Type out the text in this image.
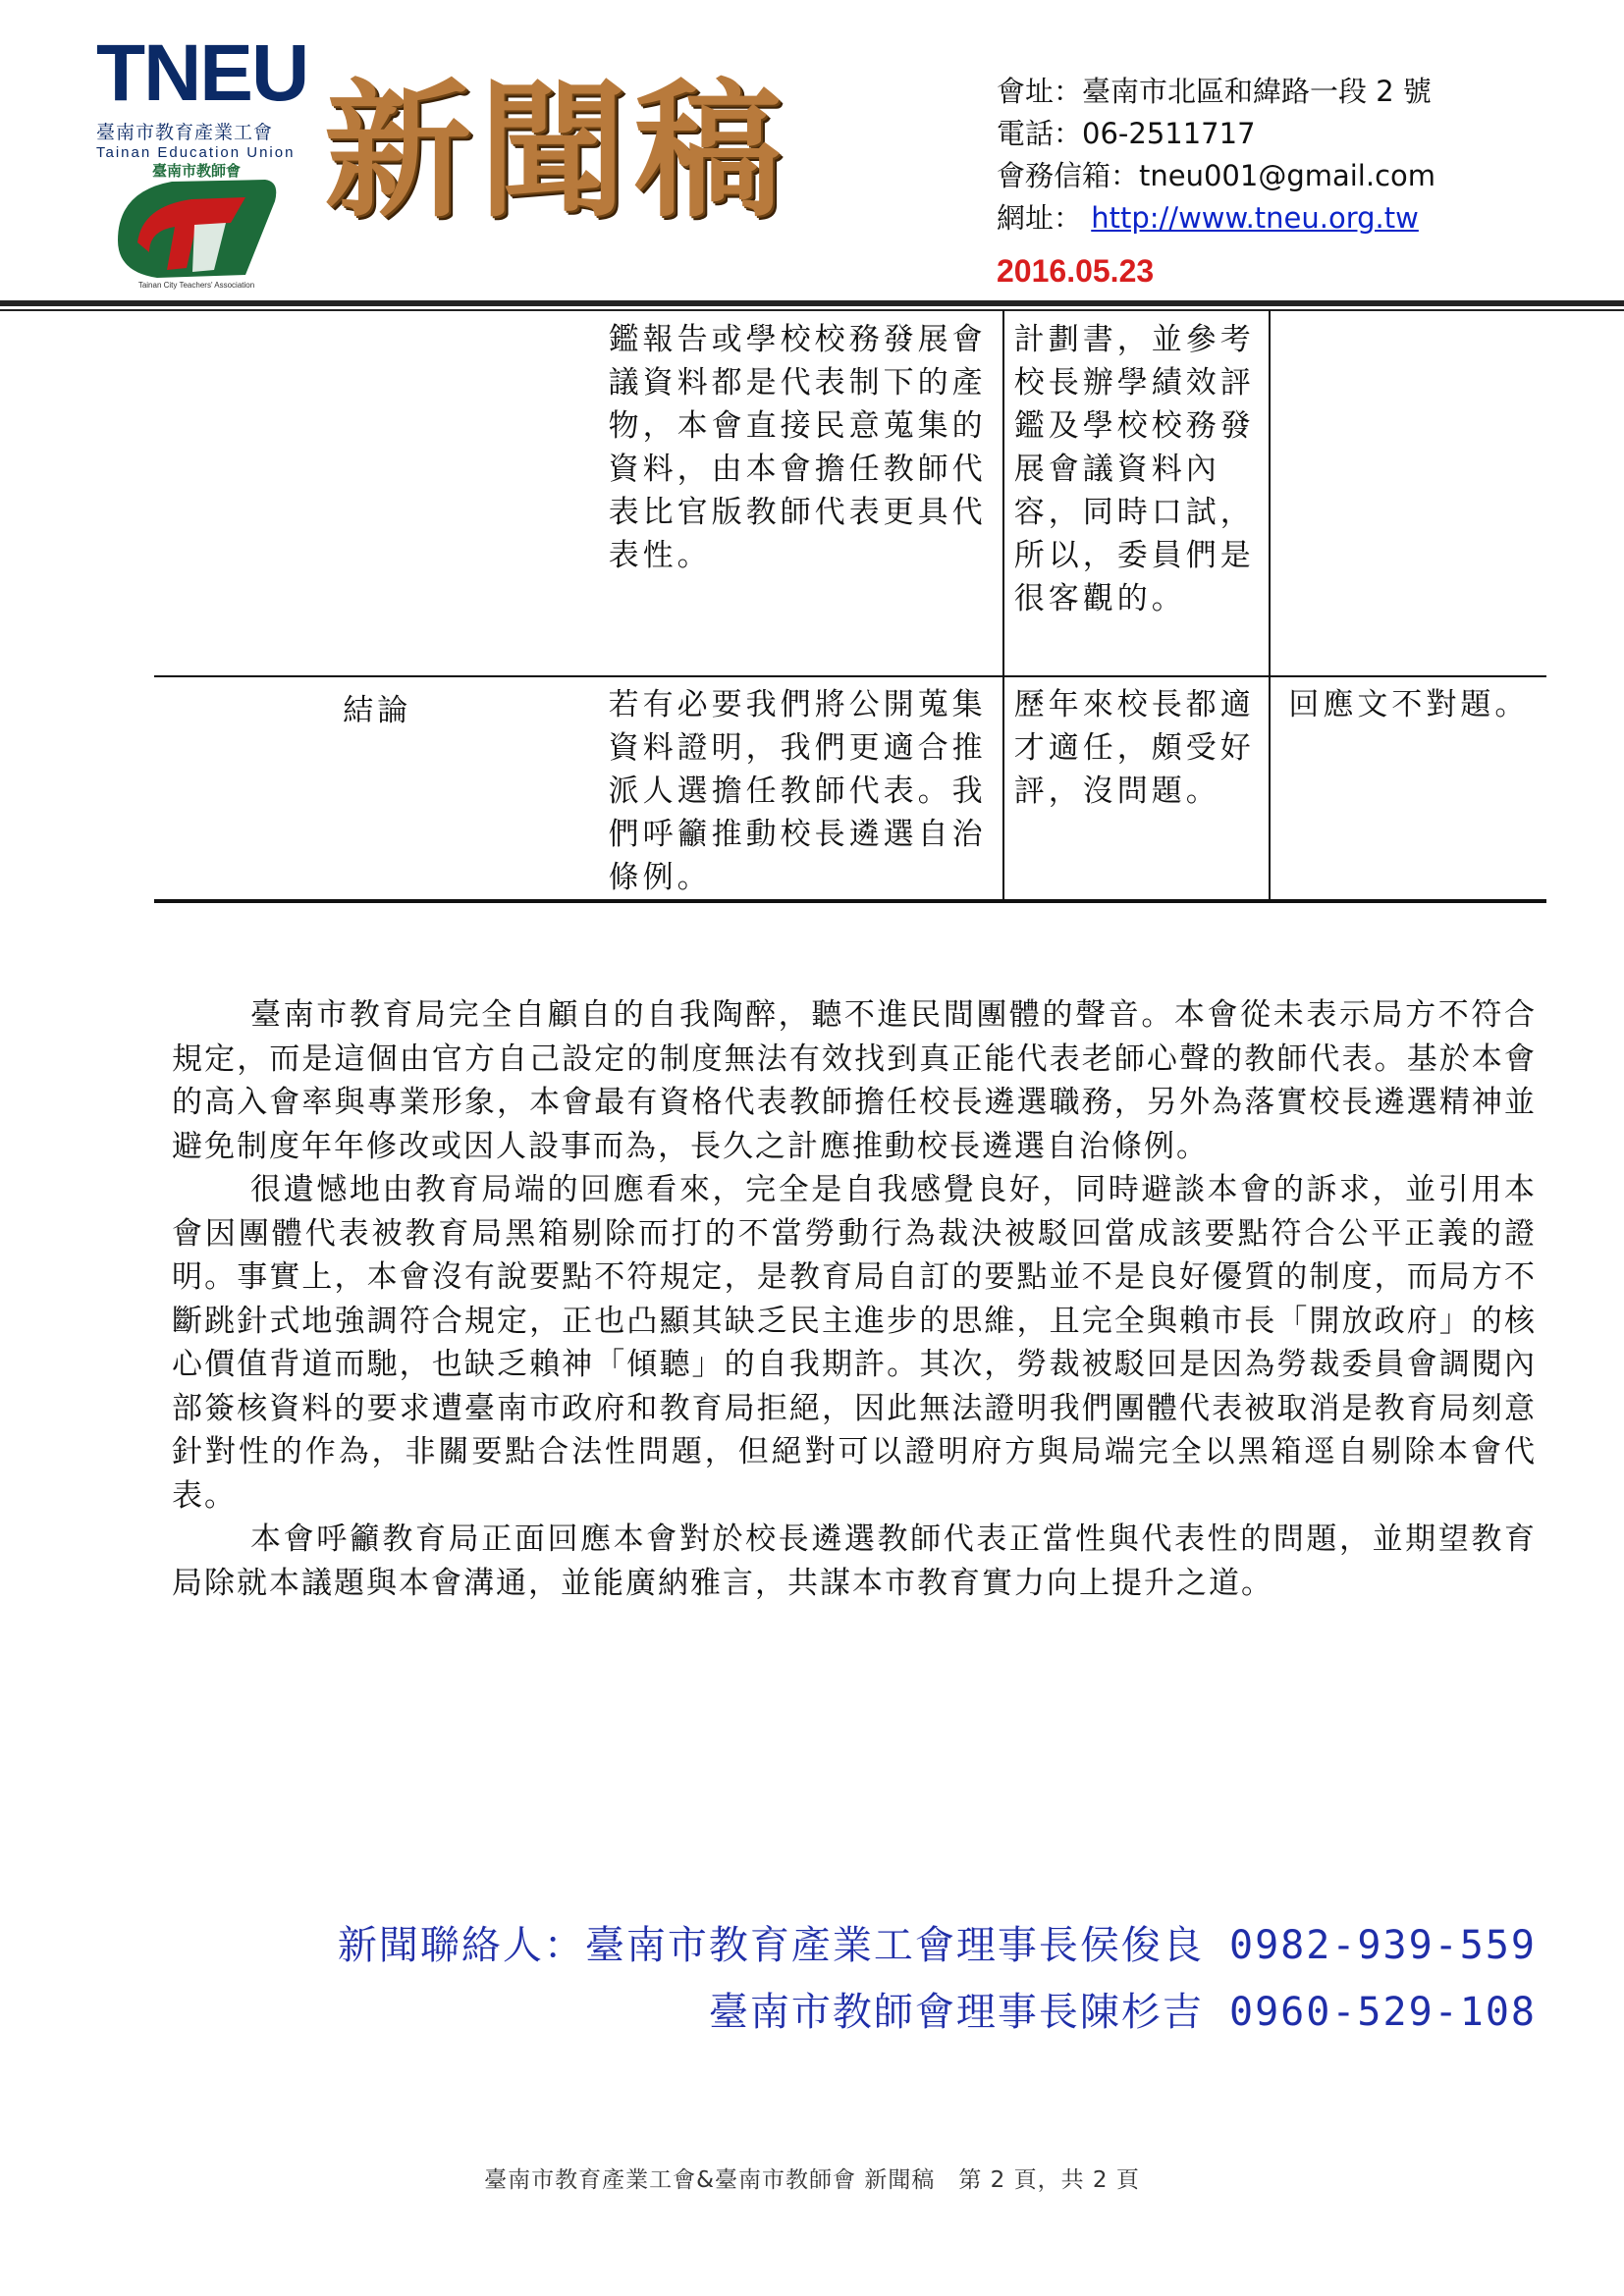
TNEU
臺南市教育產業工會
Tainan Education Union
臺南市教師會
Tainan City Teachers' Association
新聞稿	會址：臺南市北區和緯路一段 2 號
電話：06-2511717
會務信箱：tneu001@gmail.com
網址： http://www.tneu.org.tw
2016.05.23

	鑑報告或學校校務發展會議資料都是代表制下的產物，本會直接民意蒐集的資料，由本會擔任教師代表比官版教師代表更具代表性。	計劃書，並參考校長辦學績效評鑑及學校校務發展會議資料內容，同時口試，所以，委員們是很客觀的。	

結論	若有必要我們將公開蒐集資料證明，我們更適合推派人選擔任教師代表。我們呼籲推動校長遴選自治條例。	歷年來校長都適才適任，頗受好評，沒問題。	回應文不對題。

臺南市教育局完全自顧自的自我陶醉，聽不進民間團體的聲音。本會從未表示局方不符合規定，而是這個由官方自己設定的制度無法有效找到真正能代表老師心聲的教師代表。基於本會的高入會率與專業形象，本會最有資格代表教師擔任校長遴選職務，另外為落實校長遴選精神並避免制度年年修改或因人設事而為，長久之計應推動校長遴選自治條例。

很遺憾地由教育局端的回應看來，完全是自我感覺良好，同時避談本會的訴求，並引用本會因團體代表被教育局黑箱剔除而打的不當勞動行為裁決被駁回當成該要點符合公平正義的證明。事實上，本會沒有說要點不符規定，是教育局自訂的要點並不是良好優質的制度，而局方不斷跳針式地強調符合規定，正也凸顯其缺乏民主進步的思維，且完全與賴市長「開放政府」的核心價值背道而馳，也缺乏賴神「傾聽」的自我期許。其次，勞裁被駁回是因為勞裁委員會調閱內部簽核資料的要求遭臺南市政府和教育局拒絕，因此無法證明我們團體代表被取消是教育局刻意針對性的作為，非關要點合法性問題，但絕對可以證明府方與局端完全以黑箱逕自剔除本會代表。

本會呼籲教育局正面回應本會對於校長遴選教師代表正當性與代表性的問題，並期望教育局除就本議題與本會溝通，並能廣納雅言，共謀本市教育實力向上提升之道。

新聞聯絡人：臺南市教育產業工會理事長侯俊良 0982-939-559
臺南市教師會理事長陳杉吉 0960-529-108
臺南市教育產業工會&臺南市教師會 新聞稿　第 2 頁，共 2 頁
